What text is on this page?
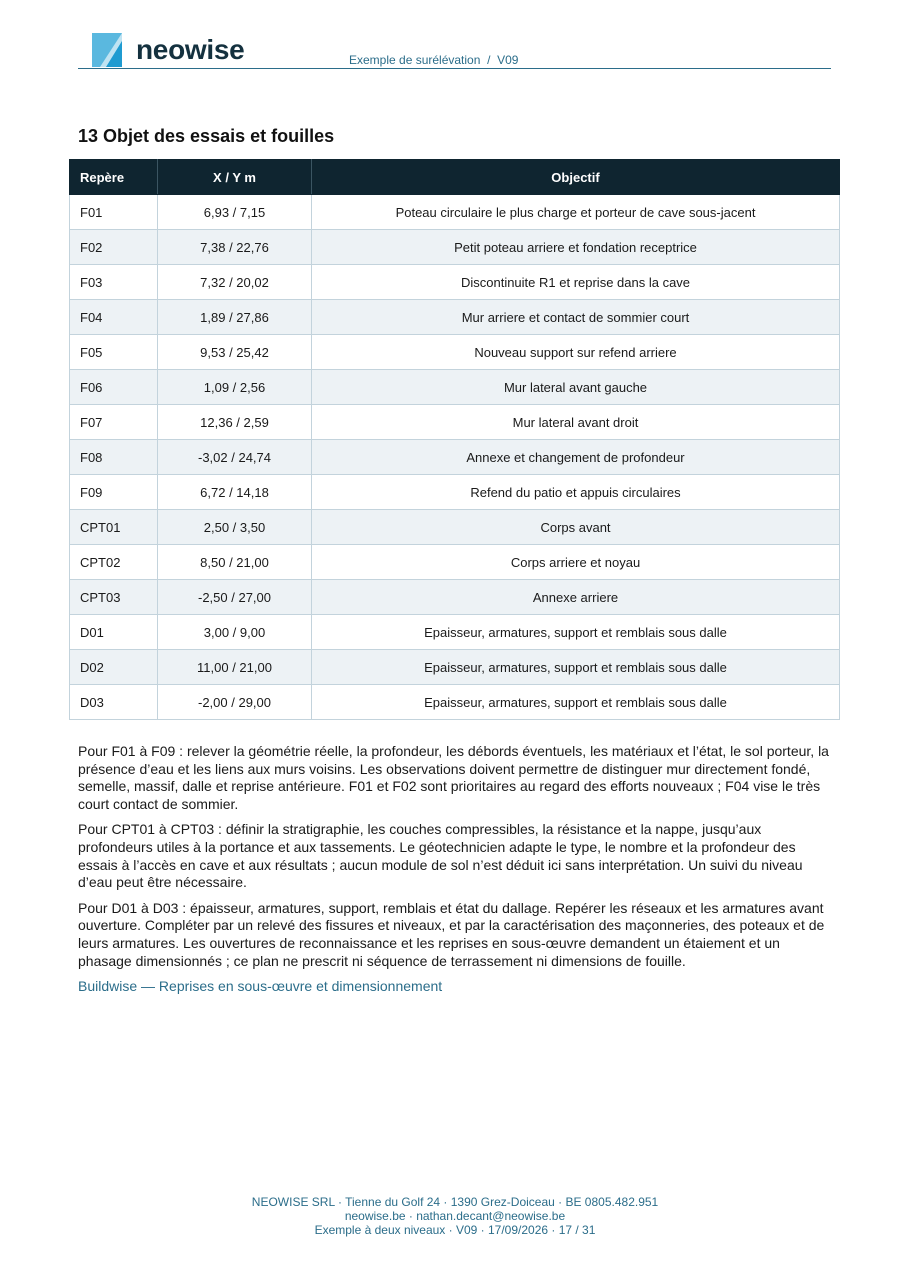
neowise	Exemple de surélévation  /  V09
13 Objet des essais et fouilles
Repère	X / Y m	Objectif
F01	6,93 / 7,15	Poteau circulaire le plus charge et porteur de cave sous-jacent
F02	7,38 / 22,76	Petit poteau arriere et fondation receptrice
F03	7,32 / 20,02	Discontinuite R1 et reprise dans la cave
F04	1,89 / 27,86	Mur arriere et contact de sommier court
F05	9,53 / 25,42	Nouveau support sur refend arriere
F06	1,09 / 2,56	Mur lateral avant gauche
F07	12,36 / 2,59	Mur lateral avant droit
F08	-3,02 / 24,74	Annexe et changement de profondeur
F09	6,72 / 14,18	Refend du patio et appuis circulaires
CPT01	2,50 / 3,50	Corps avant
CPT02	8,50 / 21,00	Corps arriere et noyau
CPT03	-2,50 / 27,00	Annexe arriere
D01	3,00 / 9,00	Epaisseur, armatures, support et remblais sous dalle
D02	11,00 / 21,00	Epaisseur, armatures, support et remblais sous dalle
D03	-2,00 / 29,00	Epaisseur, armatures, support et remblais sous dalle

Pour F01 à F09 : relever la géométrie réelle, la profondeur, les débords éventuels, les matériaux et l’état, le sol porteur, la présence d’eau et les liens aux murs voisins. Les observations doivent permettre de distinguer mur directement fondé, semelle, massif, dalle et reprise antérieure. F01 et F02 sont prioritaires au regard des efforts nouveaux ; F04 vise le très court contact de sommier.

Pour CPT01 à CPT03 : définir la stratigraphie, les couches compressibles, la résistance et la nappe, jusqu’aux profondeurs utiles à la portance et aux tassements. Le géotechnicien adapte le type, le nombre et la profondeur des essais à l’accès en cave et aux résultats ; aucun module de sol n’est déduit ici sans interprétation. Un suivi du niveau d’eau peut être nécessaire.

Pour D01 à D03 : épaisseur, armatures, support, remblais et état du dallage. Repérer les réseaux et les armatures avant ouverture. Compléter par un relevé des fissures et niveaux, et par la caractérisation des maçonneries, des poteaux et de leurs armatures. Les ouvertures de reconnaissance et les reprises en sous-œuvre demandent un étaiement et un phasage dimensionnés ; ce plan ne prescrit ni séquence de terrassement ni dimensions de fouille.

Buildwise — Reprises en sous-œuvre et dimensionnement

NEOWISE SRL · Tienne du Golf 24 · 1390 Grez-Doiceau · BE 0805.482.951
neowise.be · nathan.decant@neowise.be
Exemple à deux niveaux · V09 · 17/09/2026 · 17 / 31
